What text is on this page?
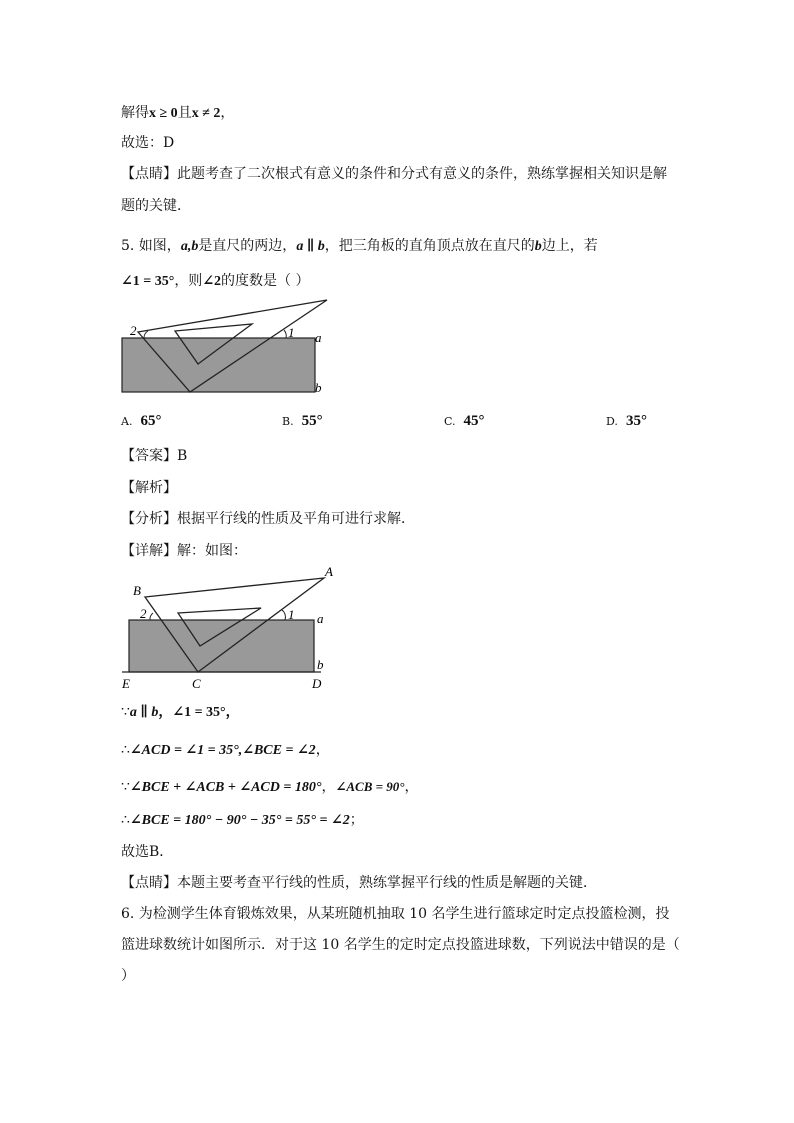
解得x ≥ 0且x ≠ 2，
故选：D
【点睛】此题考查了二次根式有意义的条件和分式有意义的条件，熟练掌握相关知识是解
题的关键．
5. 如图，a,b是直尺的两边，a ∥ b，把三角板的直角顶点放在直尺的b边上，若
∠1 = 35°，则∠2的度数是（ ）
2	1 a
b
A. 65°	B. 55°	C. 45°	D. 35°
【答案】B
【解析】
【分析】根据平行线的性质及平角可进行求解．
【详解】解：如图：
A
B
2	1 a
b
E	C	D
∵a ∥ b，∠1 = 35°，
∴∠ACD = ∠1 = 35°,∠BCE = ∠2，
∵∠BCE + ∠ACB + ∠ACD = 180°，∠ACB = 90°，
∴∠BCE = 180° − 90° − 35° = 55° = ∠2；
故选B．
【点睛】本题主要考查平行线的性质，熟练掌握平行线的性质是解题的关键．
6. 为检测学生体育锻炼效果，从某班随机抽取 10 名学生进行篮球定时定点投篮检测，投
篮进球数统计如图所示．对于这 10 名学生的定时定点投篮进球数，下列说法中错误的是（
）
